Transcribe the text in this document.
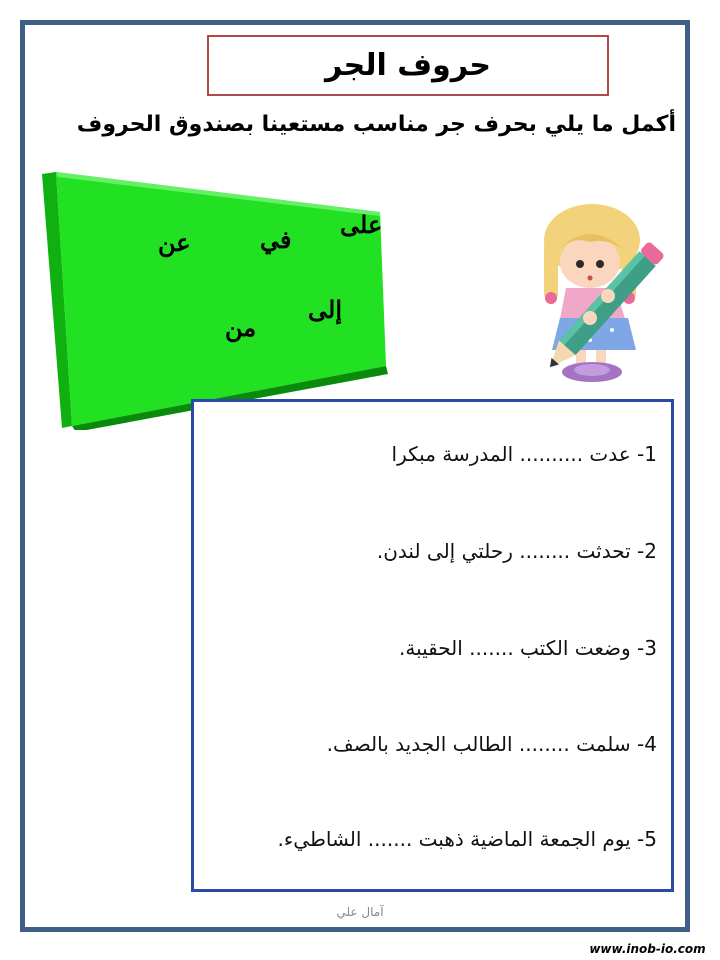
حروف الجر
أكمل ما يلي بحرف جر مناسب مستعينا بصندوق الحروف
على
في
عن
إلى
من
1- عدت .......... المدرسة مبكرا
2- تحدثت ........ رحلتي إلى لندن.
3- وضعت الكتب ....... الحقيبة.
4- سلمت ........ الطالب الجديد بالصف.
5- يوم الجمعة الماضية ذهبت ....... الشاطيء.
آمال علي
www.inob-io.com
